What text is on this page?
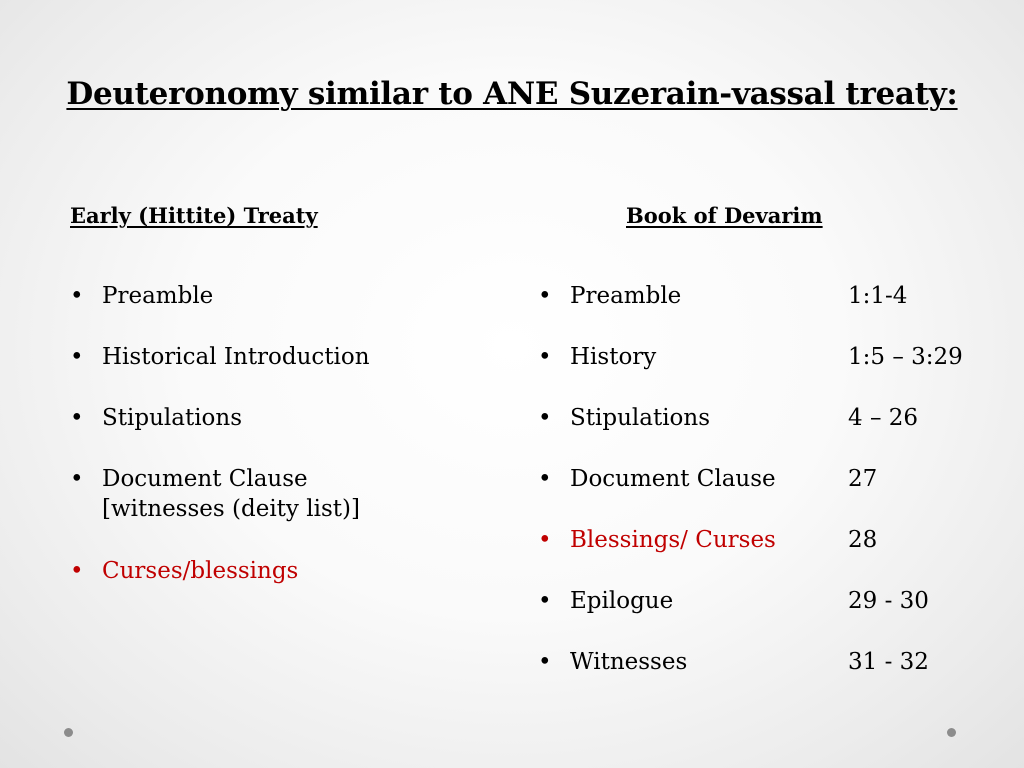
Deuteronomy similar to ANE Suzerain-vassal treaty:
Early (Hittite) Treaty	Book of Devarim
• Preamble
• Historical Introduction
• Stipulations
• Document Clause
[witnesses (deity list)]
• Curses/blessings
• Preamble	1:1-4
• History	1:5 – 3:29
• Stipulations	4 – 26
• Document Clause	27
• Blessings/ Curses	28
• Epilogue	29 - 30
• Witnesses	31 - 32
